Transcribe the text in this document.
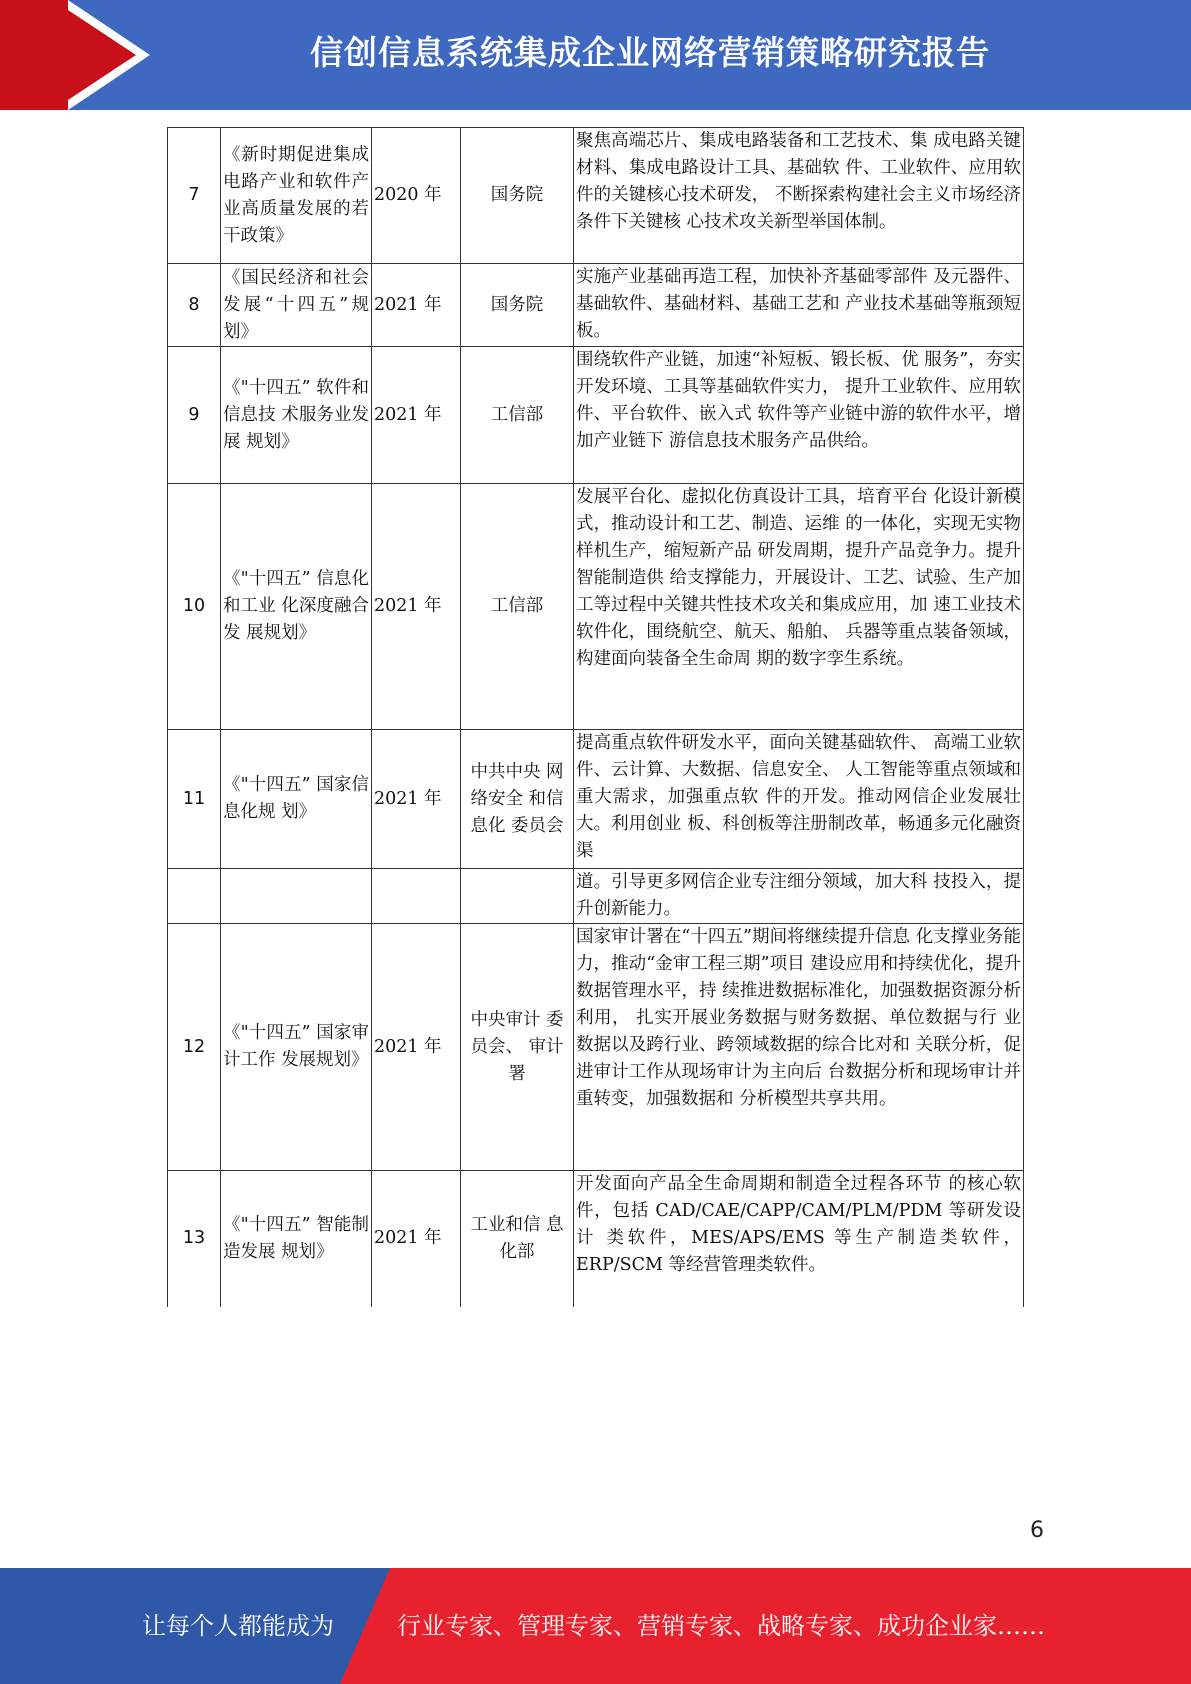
信创信息系统集成企业网络营销策略研究报告
7	《新时期促进集成电路产业和软件产业高质量发展的若干政策》	2020 年	国务院	聚焦高端芯片、集成电路装备和工艺技术、集 成电路关键材料、集成电路设计工具、基础软 件、工业软件、应用软件的关键核心技术研发， 不断探索构建社会主义市场经济条件下关键核 心技术攻关新型举国体制。
8	《国民经济和社会发展“十四五”规划》	2021 年	国务院	实施产业基础再造工程，加快补齐基础零部件 及元器件、基础软件、基础材料、基础工艺和 产业技术基础等瓶颈短板。
9	《"十四五” 软件和信息技 术服务业发展 规划》	2021 年	工信部	围绕软件产业链，加速“补短板、锻长板、优 服务”，夯实开发环境、工具等基础软件实力， 提升工业软件、应用软件、平台软件、嵌入式 软件等产业链中游的软件水平，增加产业链下 游信息技术服务产品供给。
10	《"十四五” 信息化和工业 化深度融合发 展规划》	2021 年	工信部	发展平台化、虚拟化仿真设计工具，培育平台 化设计新模式，推动设计和工艺、制造、运维 的一体化，实现无实物样机生产，缩短新产品 研发周期，提升产品竞争力。提升智能制造供 给支撑能力，开展设计、工艺、试验、生产加 工等过程中关键共性技术攻关和集成应用，加 速工业技术软件化，围绕航空、航天、船舶、 兵器等重点装备领域，构建面向装备全生命周 期的数字孪生系统。
11	《"十四五” 国家信息化规 划》	2021 年	中共中央 网络安全 和信息化 委员会	提高重点软件研发水平，面向关键基础软件、 高端工业软件、云计算、大数据、信息安全、 人工智能等重点领域和重大需求，加强重点软 件的开发。推动网信企业发展壮大。利用创业 板、科创板等注册制改革，畅通多元化融资渠
				道。引导更多网信企业专注细分领域，加大科 技投入，提升创新能力。
12	《"十四五” 国家审计工作 发展规划》	2021 年	中央审计 委员会、 审计署	国家审计署在“十四五”期间将继续提升信息 化支撑业务能力，推动“金审工程三期”项目 建设应用和持续优化，提升数据管理水平，持 续推进数据标准化，加强数据资源分析利用， 扎实开展业务数据与财务数据、单位数据与行 业数据以及跨行业、跨领域数据的综合比对和 关联分析，促进审计工作从现场审计为主向后 台数据分析和现场审计并重转变，加强数据和 分析模型共享共用。
13	《"十四五” 智能制造发展 规划》	2021 年	工业和信 息化部	开发面向产品全生命周期和制造全过程各环节 的核心软件，包括 CAD/CAE/CAPP/CAM/PLM/PDM 等研发设计 类软件，MES/APS/EMS 等生产制造类软件， ERP/SCM 等经营管理类软件。
6
让每个人都能成为	行业专家、管理专家、营销专家、战略专家、成功企业家……
